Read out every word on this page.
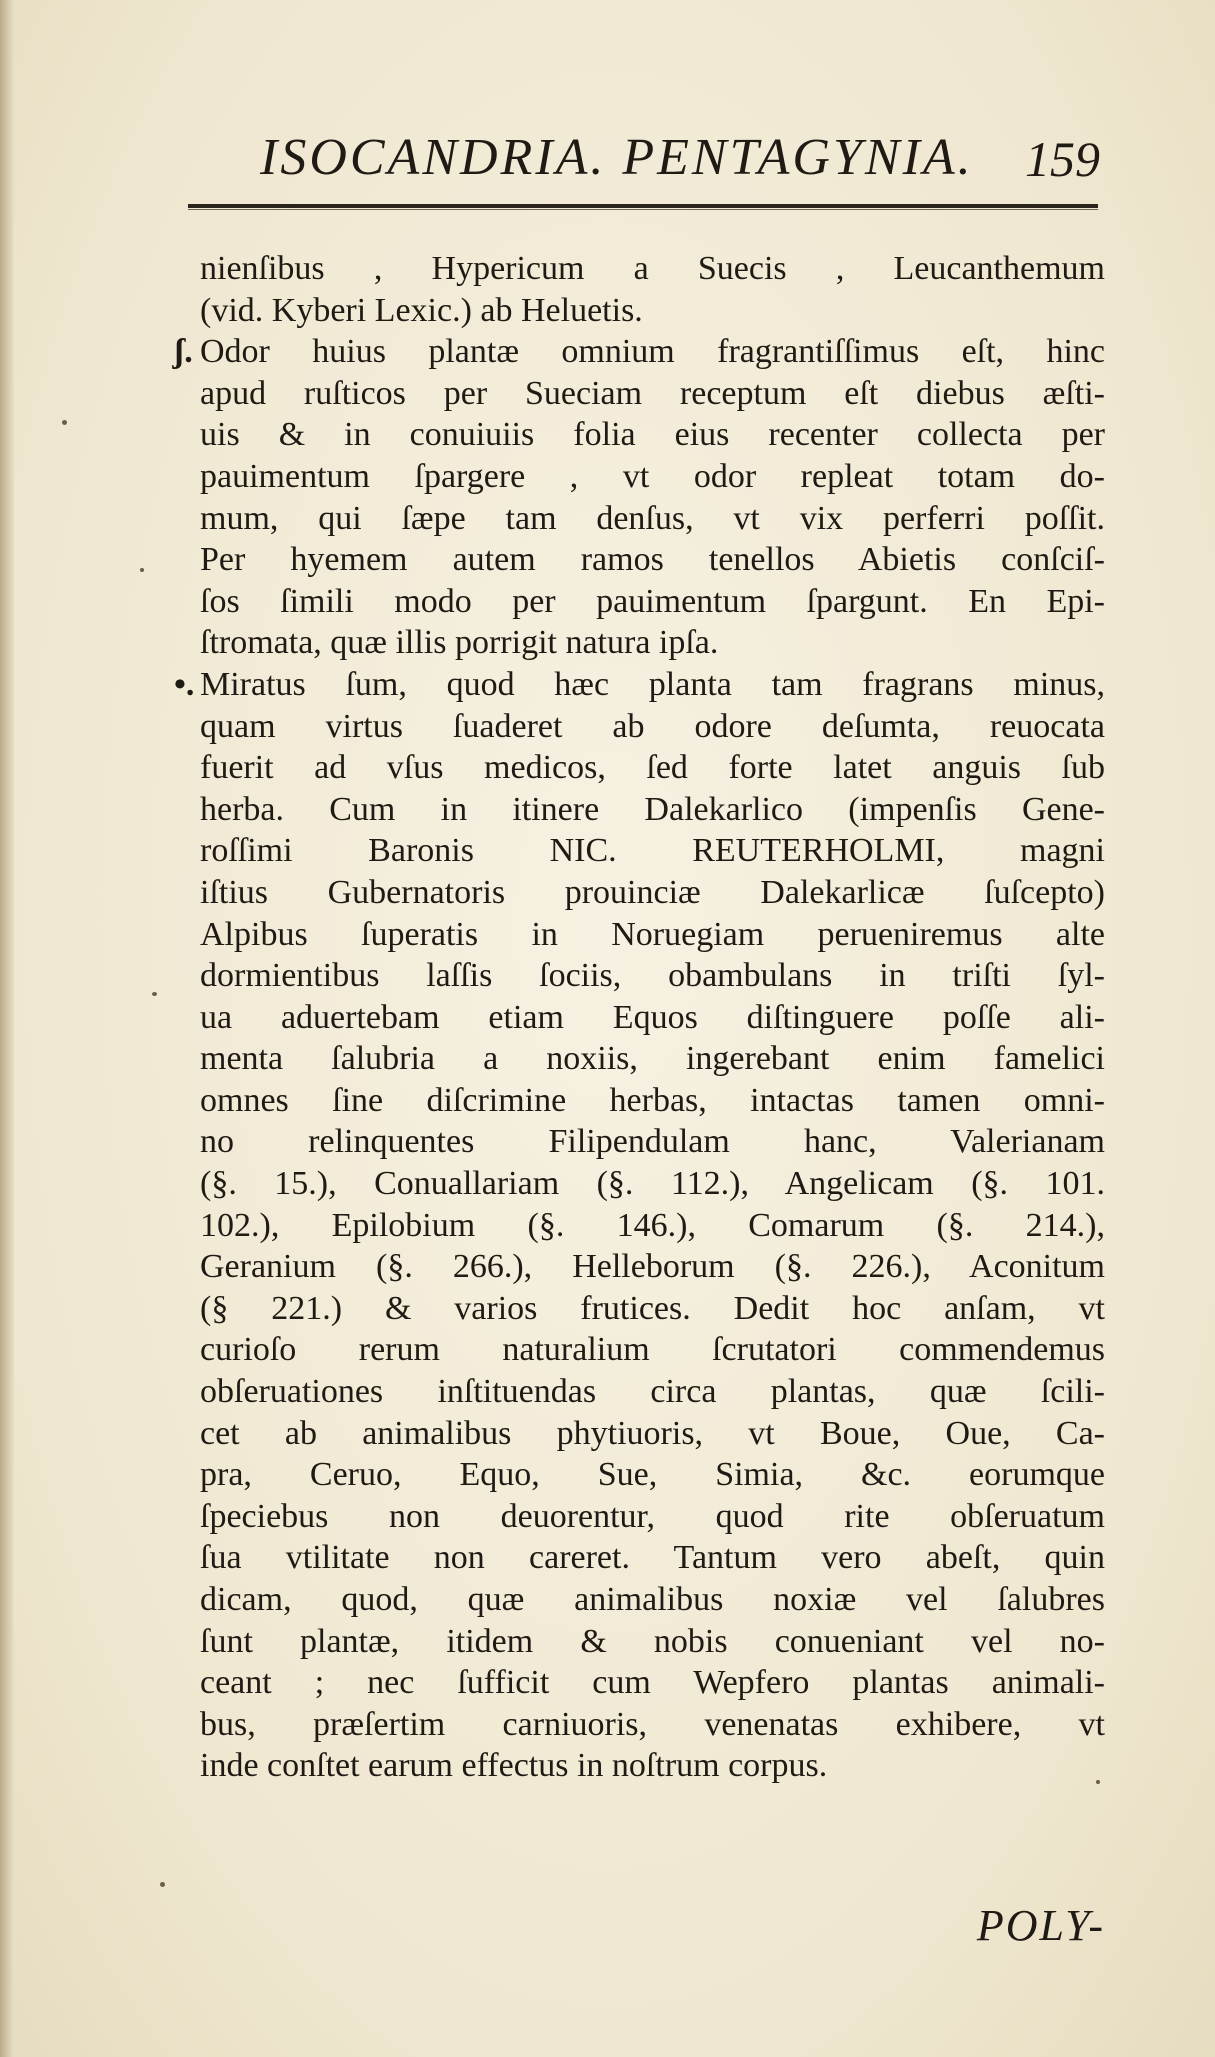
ISOCANDRIA. PENTAGYNIA. 159
nienſibus , Hypericum a Suecis , Leucanthemum
(vid. Kyberi Lexic.) ab Heluetis.
ʃ. Odor huius plantæ omnium fragrantiſſimus eſt, hinc
apud ruſticos per Sueciam receptum eſt diebus æſti-
uis & in conuiuiis folia eius recenter collecta per
pauimentum ſpargere , vt odor repleat totam do-
mum, qui ſæpe tam denſus, vt vix perferri poſſit.
Per hyemem autem ramos tenellos Abietis conſciſ-
ſos ſimili modo per pauimentum ſpargunt. En Epi-
ſtromata, quæ illis porrigit natura ipſa.
•. Miratus ſum, quod hæc planta tam fragrans minus,
quam virtus ſuaderet ab odore deſumta, reuocata
fuerit ad vſus medicos, ſed forte latet anguis ſub
herba. Cum in itinere Dalekarlico (impenſis Gene-
roſſimi Baronis NIC. REUTERHOLMI, magni
iſtius Gubernatoris prouinciæ Dalekarlicæ ſuſcepto)
Alpibus ſuperatis in Noruegiam perueniremus alte
dormientibus laſſis ſociis, obambulans in triſti ſyl-
ua aduertebam etiam Equos diſtinguere poſſe ali-
menta ſalubria a noxiis, ingerebant enim famelici
omnes ſine diſcrimine herbas, intactas tamen omni-
no relinquentes Filipendulam hanc, Valerianam
(§. 15.), Conuallariam (§. 112.), Angelicam (§. 101.
102.), Epilobium (§. 146.), Comarum (§. 214.),
Geranium (§. 266.), Helleborum (§. 226.), Aconitum
(§ 221.) & varios frutices. Dedit hoc anſam, vt
curioſo rerum naturalium ſcrutatori commendemus
obſeruationes inſtituendas circa plantas, quæ ſcili-
cet ab animalibus phytiuoris, vt Boue, Oue, Ca-
pra, Ceruo, Equo, Sue, Simia, &c. eorumque
ſpeciebus non deuorentur, quod rite obſeruatum
ſua vtilitate non careret. Tantum vero abeſt, quin
dicam, quod, quæ animalibus noxiæ vel ſalubres
ſunt plantæ, itidem & nobis conueniant vel no-
ceant ; nec ſufficit cum Wepfero plantas animali-
bus, præſertim carniuoris, venenatas exhibere, vt
inde conſtet earum effectus in noſtrum corpus.
POLY-
